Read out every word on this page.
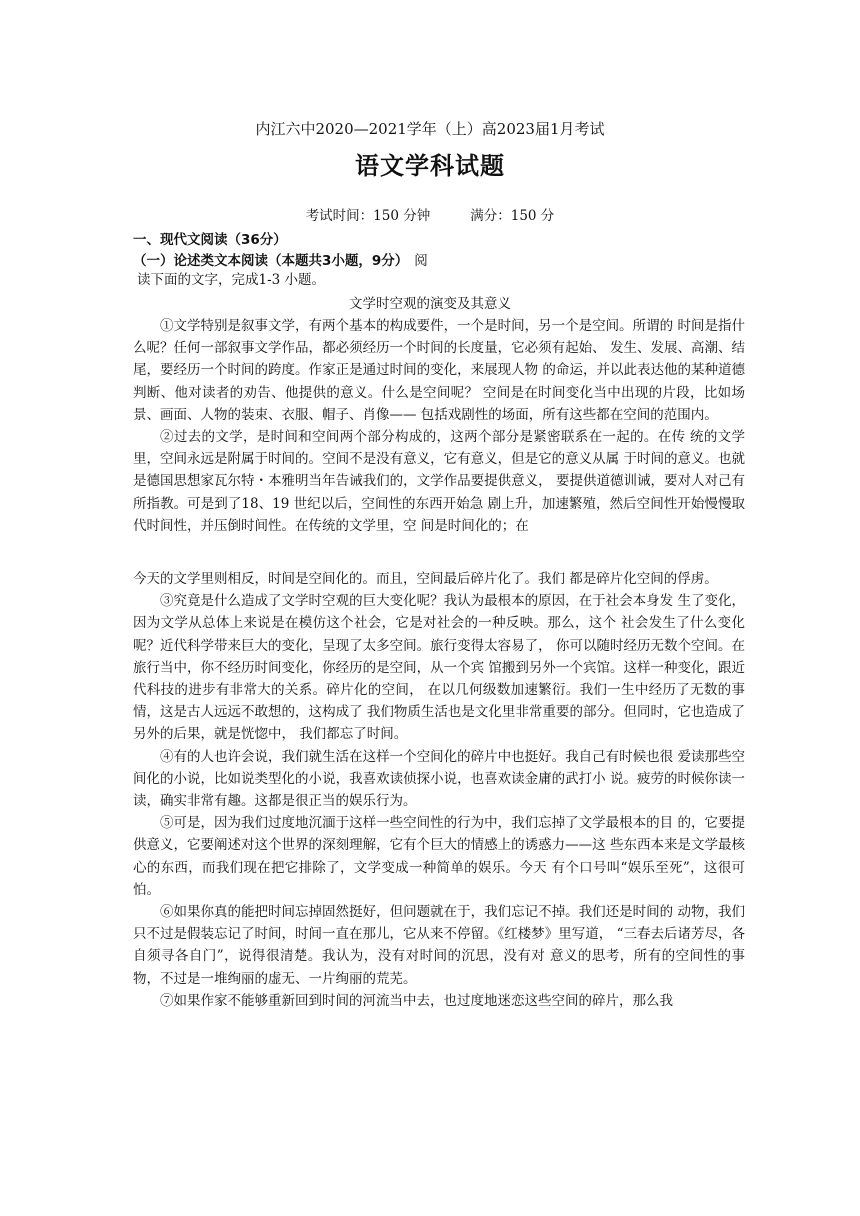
内江六中2020—2021学年（上）高2023届1月考试
语文学科试题
考试时间：150 分钟	满分：150 分
一、现代文阅读（36分）
（一）论述类文本阅读（本题共3小题，9分） 阅
读下面的文字，完成1-3 小题。
文学时空观的演变及其意义

①文学特别是叙事文学，有两个基本的构成要件，一个是时间，另一个是空间。所谓的 时间是指什么呢？任何一部叙事文学作品，都必须经历一个时间的长度量，它必须有起始、 发生、发展、高潮、结尾，要经历一个时间的跨度。作家正是通过时间的变化，来展现人物 的命运，并以此表达他的某种道德判断、他对读者的劝告、他提供的意义。什么是空间呢？ 空间是在时间变化当中出现的片段，比如场景、画面、人物的装束、衣服、帽子、肖像—— 包括戏剧性的场面，所有这些都在空间的范围内。

②过去的文学，是时间和空间两个部分构成的，这两个部分是紧密联系在一起的。在传 统的文学里，空间永远是附属于时间的。空间不是没有意义，它有意义，但是它的意义从属 于时间的意义。也就是德国思想家瓦尔特・本雅明当年告诫我们的，文学作品要提供意义， 要提供道德训诫，要对人对己有所指教。可是到了18、19 世纪以后，空间性的东西开始急 剧上升，加速繁殖，然后空间性开始慢慢取代时间性，并压倒时间性。在传统的文学里，空 间是时间化的；在

今天的文学里则相反，时间是空间化的。而且，空间最后碎片化了。我们 都是碎片化空间的俘虏。

③究竟是什么造成了文学时空观的巨大变化呢？我认为最根本的原因，在于社会本身发 生了变化，因为文学从总体上来说是在模仿这个社会，它是对社会的一种反映。那么，这个 社会发生了什么变化呢？近代科学带来巨大的变化，呈现了太多空间。旅行变得太容易了， 你可以随时经历无数个空间。在旅行当中，你不经历时间变化，你经历的是空间，从一个宾 馆搬到另外一个宾馆。这样一种变化，跟近代科技的进步有非常大的关系。碎片化的空间， 在以几何级数加速繁衍。我们一生中经历了无数的事情，这是古人远远不敢想的，这构成了 我们物质生活也是文化里非常重要的部分。但同时，它也造成了另外的后果，就是恍惚中， 我们都忘了时间。

④有的人也许会说，我们就生活在这样一个空间化的碎片中也挺好。我自己有时候也很 爱读那些空间化的小说，比如说类型化的小说，我喜欢读侦探小说，也喜欢读金庸的武打小 说。疲劳的时候你读一读，确实非常有趣。这都是很正当的娱乐行为。

⑤可是，因为我们过度地沉湎于这样一些空间性的行为中，我们忘掉了文学最根本的目 的，它要提供意义，它要阐述对这个世界的深刻理解，它有个巨大的情感上的诱惑力——这 些东西本来是文学最核心的东西，而我们现在把它排除了，文学变成一种简单的娱乐。今天 有个口号叫“娱乐至死”，这很可怕。

⑥如果你真的能把时间忘掉固然挺好，但问题就在于，我们忘记不掉。我们还是时间的 动物，我们只不过是假装忘记了时间，时间一直在那儿，它从来不停留。《红楼梦》里写道， “三春去后诸芳尽，各自须寻各自门”，说得很清楚。我认为，没有对时间的沉思，没有对 意义的思考，所有的空间性的事物，不过是一堆绚丽的虚无、一片绚丽的荒芜。

⑦如果作家不能够重新回到时间的河流当中去，也过度地迷恋这些空间的碎片，那么我
